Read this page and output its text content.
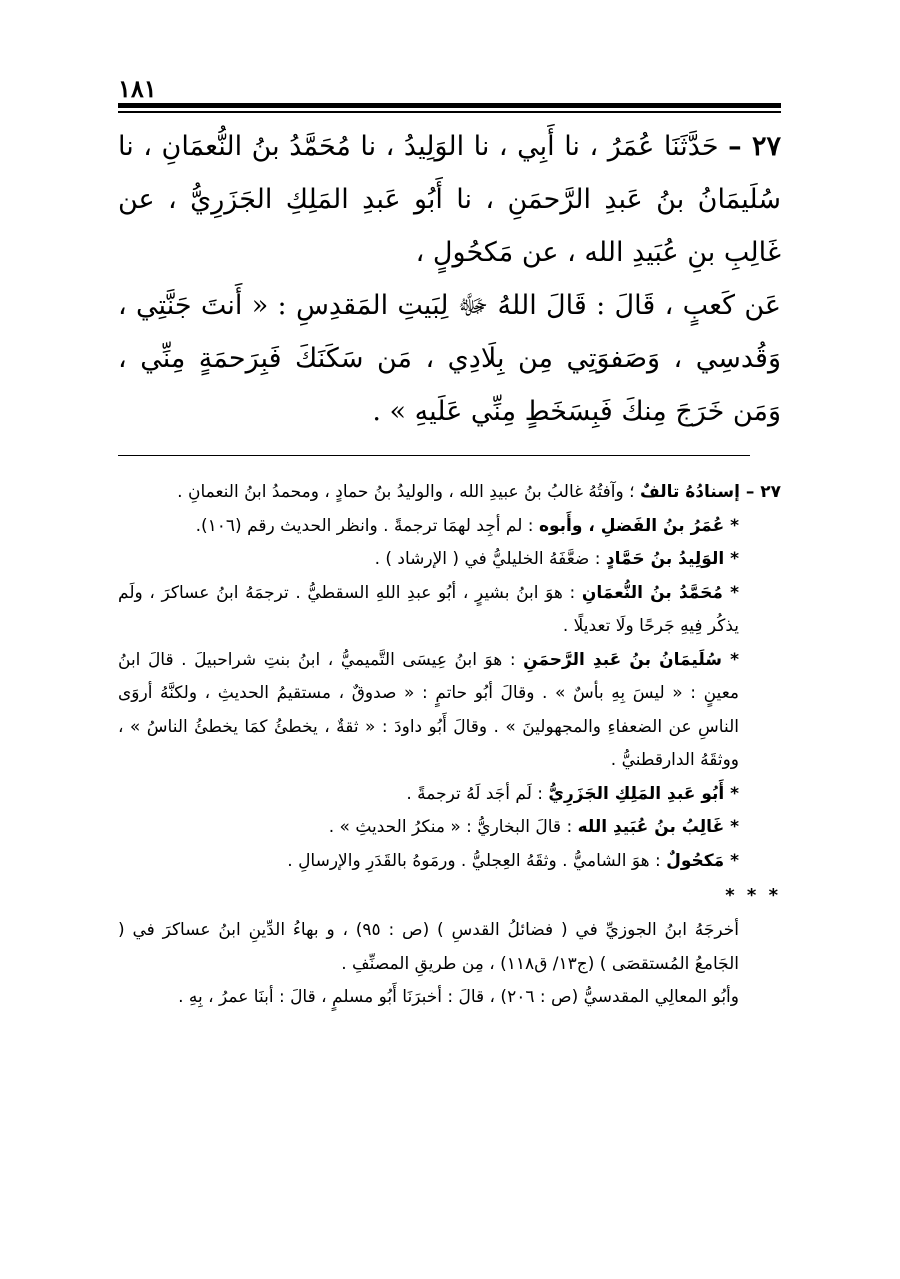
١٨١

٢٧ – حَدَّثَنَا عُمَرُ ، نا أَبِي ، نا الوَلِيدُ ، نا مُحَمَّدُ بنُ النُّعمَانِ ، نا سُلَيمَانُ بنُ عَبدِ الرَّحمَنِ ، نا أَبُو عَبدِ المَلِكِ الجَزَرِيُّ ، عن غَالِبِ بنِ عُبَيدِ الله ، عن مَكحُولٍ ،

عَن كَعبٍ ، قَالَ : قَالَ اللهُ ﷻ لِبَيتِ المَقدِسِ : « أَنتَ جَنَّتِي ، وَقُدسِي ، وَصَفوَتِي مِن بِلَادِي ، مَن سَكَنَكَ فَبِرَحمَةٍ مِنِّي ، وَمَن خَرَجَ مِنكَ فَبِسَخَطٍ مِنِّي عَلَيهِ » .

٢٧ – إسنادُهُ تالفٌ ؛ وآفتُهُ غالبُ بنُ عبيدِ الله ، والوليدُ بنُ حمادٍ ، ومحمدُ ابنُ النعمانِ .

* عُمَرُ بنُ الفَضلِ ، وأَبوه : لم أجِد لهمَا ترجمةً . وانظر الحديث رقم (١٠٦).

* الوَلِيدُ بنُ حَمَّادٍ : ضعَّفَهُ الخليليُّ في ( الإرشاد ) .

* مُحَمَّدُ بنُ النُّعمَانِ : هوَ ابنُ بشيرٍ ، أبُو عبدِ اللهِ السقطيُّ . ترجمَهُ ابنُ عساكرَ ، ولَم يذكُر فِيهِ جَرحًا ولَا تعديلًا .

* سُلَيمَانُ بنُ عَبدِ الرَّحمَنِ : هوَ ابنُ عِيسَى التَّميميُّ ، ابنُ بنتِ شراحبيلَ . قالَ ابنُ معينٍ : « ليسَ بِهِ بأسٌ » . وقالَ أبُو حاتمٍ : « صدوقٌ ، مستقيمُ الحديثِ ، ولكنَّهُ أروَى الناسِ عن الضعفاءِ والمجهولينَ » . وقالَ أَبُو داودَ : « ثقةٌ ، يخطئُ كمَا يخطئُ الناسُ » ، ووثقَهُ الدارقطنيُّ .

* أَبُو عَبدِ المَلِكِ الجَزَرِيُّ : لَم أجَد لَهُ ترجمةً .

* غَالِبُ بنُ عُبَيدِ الله : قالَ البخاريُّ : « منكرُ الحديثِ » .

* مَكحُولٌ : هوَ الشاميُّ . وثقَهُ العِجليُّ . ورمَوهُ بالقَدَرِ والإرسالِ .

* * *

أخرجَهُ ابنُ الجوزيِّ في ( فضائلُ القدسِ ) (ص : ٩٥) ، و بهاءُ الدِّينِ ابنُ عساكرَ في ( الجَامعُ المُستقصَى ) (ج١٣/ ق١١٨) ، مِن طريقِ المصنِّفِ .

وأبُو المعالِي المقدسيُّ (ص : ٢٠٦) ، قالَ : أخبرَنَا أَبُو مسلمٍ ، قالَ : أبنَا عمرُ ، بِهِ .
